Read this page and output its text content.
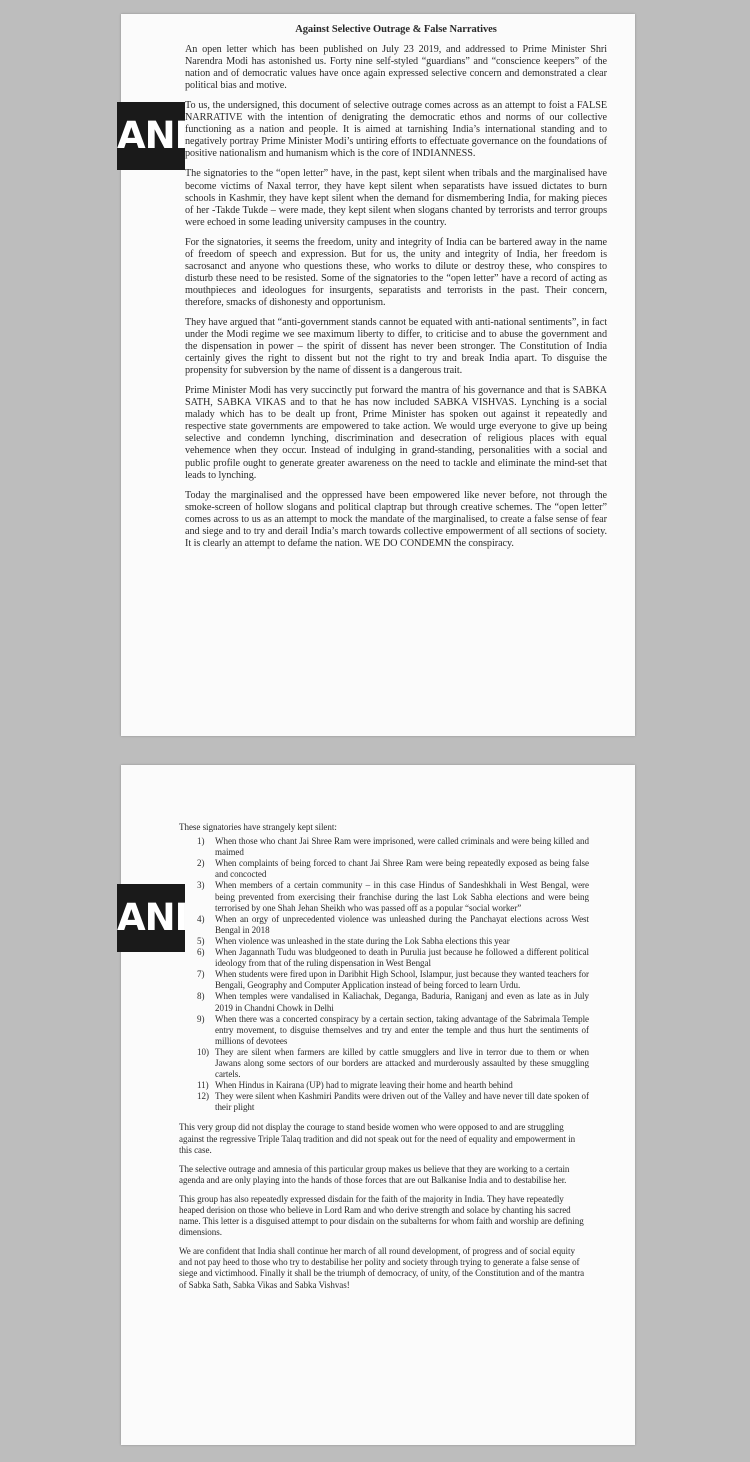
Against Selective Outrage & False Narratives

An open letter which has been published on July 23 2019, and addressed to Prime Minister Shri Narendra Modi has astonished us. Forty nine self-styled “guardians” and “conscience keepers” of the nation and of democratic values have once again expressed selective concern and demonstrated a clear political bias and motive.

To us, the undersigned, this document of selective outrage comes across as an attempt to foist a FALSE NARRATIVE with the intention of denigrating the democratic ethos and norms of our collective functioning as a nation and people. It is aimed at tarnishing India’s international standing and to negatively portray Prime Minister Modi’s untiring efforts to effectuate governance on the foundations of positive nationalism and humanism which is the core of INDIANNESS.

The signatories to the “open letter” have, in the past, kept silent when tribals and the marginalised have become victims of Naxal terror, they have kept silent when separatists have issued dictates to burn schools in Kashmir, they have kept silent when the demand for dismembering India, for making pieces of her -Takde Tukde – were made, they kept silent when slogans chanted by terrorists and terror groups were echoed in some leading university campuses in the country.

For the signatories, it seems the freedom, unity and integrity of India can be bartered away in the name of freedom of speech and expression. But for us, the unity and integrity of India, her freedom is sacrosanct and anyone who questions these, who works to dilute or destroy these, who conspires to disturb these need to be resisted. Some of the signatories to the “open letter” have a record of acting as mouthpieces and ideologues for insurgents, separatists and terrorists in the past. Their concern, therefore, smacks of dishonesty and opportunism.

They have argued that “anti-government stands cannot be equated with anti-national sentiments”, in fact under the Modi regime we see maximum liberty to differ, to criticise and to abuse the government and the dispensation in power – the spirit of dissent has never been stronger. The Constitution of India certainly gives the right to dissent but not the right to try and break India apart. To disguise the propensity for subversion by the name of dissent is a dangerous trait.

Prime Minister Modi has very succinctly put forward the mantra of his governance and that is SABKA SATH, SABKA VIKAS and to that he has now included SABKA VISHVAS. Lynching is a social malady which has to be dealt up front, Prime Minister has spoken out against it repeatedly and respective state governments are empowered to take action. We would urge everyone to give up being selective and condemn lynching, discrimination and desecration of religious places with equal vehemence when they occur. Instead of indulging in grand-standing, personalities with a social and public profile ought to generate greater awareness on the need to tackle and eliminate the mind-set that leads to lynching.

Today the marginalised and the oppressed have been empowered like never before, not through the smoke-screen of hollow slogans and political claptrap but through creative schemes. The “open letter” comes across to us as an attempt to mock the mandate of the marginalised, to create a false sense of fear and siege and to try and derail India’s march towards collective empowerment of all sections of society. It is clearly an attempt to defame the nation. WE DO CONDEMN the conspiracy.

These signatories have strangely kept silent:

1)	When those who chant Jai Shree Ram were imprisoned, were called criminals and were being killed and maimed
2)	When complaints of being forced to chant Jai Shree Ram were being repeatedly exposed as being false and concocted
3)	When members of a certain community – in this case Hindus of Sandeshkhali in West Bengal, were being prevented from exercising their franchise during the last Lok Sabha elections and were being terrorised by one Shah Jehan Sheikh who was passed off as a popular “social worker”
4)	When an orgy of unprecedented violence was unleashed during the Panchayat elections across West Bengal in 2018
5)	When violence was unleashed in the state during the Lok Sabha elections this year
6)	When Jagannath Tudu was bludgeoned to death in Purulia just because he followed a different political ideology from that of the ruling dispensation in West Bengal
7)	When students were fired upon in Daribhit High School, Islampur, just because they wanted teachers for Bengali, Geography and Computer Application instead of being forced to learn Urdu.
8)	When temples were vandalised in Kaliachak, Deganga, Baduria, Raniganj and even as late as in July 2019 in Chandni Chowk in Delhi
9)	When there was a concerted conspiracy by a certain section, taking advantage of the Sabrimala Temple entry movement, to disguise themselves and try and enter the temple and thus hurt the sentiments of millions of devotees
10) They are silent when farmers are killed by cattle smugglers and live in terror due to them or when Jawans along some sectors of our borders are attacked and murderously assaulted by these smuggling cartels.
11) When Hindus in Kairana (UP) had to migrate leaving their home and hearth behind
12) They were silent when Kashmiri Pandits were driven out of the Valley and have never till date spoken of their plight

This very group did not display the courage to stand beside women who were opposed to and are struggling against the regressive Triple Talaq tradition and did not speak out for the need of equality and empowerment in this case.

The selective outrage and amnesia of this particular group makes us believe that they are working to a certain agenda and are only playing into the hands of those forces that are out Balkanise India and to destabilise her.

This group has also repeatedly expressed disdain for the faith of the majority in India. They have repeatedly heaped derision on those who believe in Lord Ram and who derive strength and solace by chanting his sacred name. This letter is a disguised attempt to pour disdain on the subalterns for whom faith and worship are defining dimensions.

We are confident that India shall continue her march of all round development, of progress and of social equity and not pay heed to those who try to destabilise her polity and society through trying to generate a false sense of siege and victimhood. Finally it shall be the triumph of democracy, of unity, of the Constitution and of the mantra of Sabka Sath, Sabka Vikas and Sabka Vishvas!

ANI
ANI
